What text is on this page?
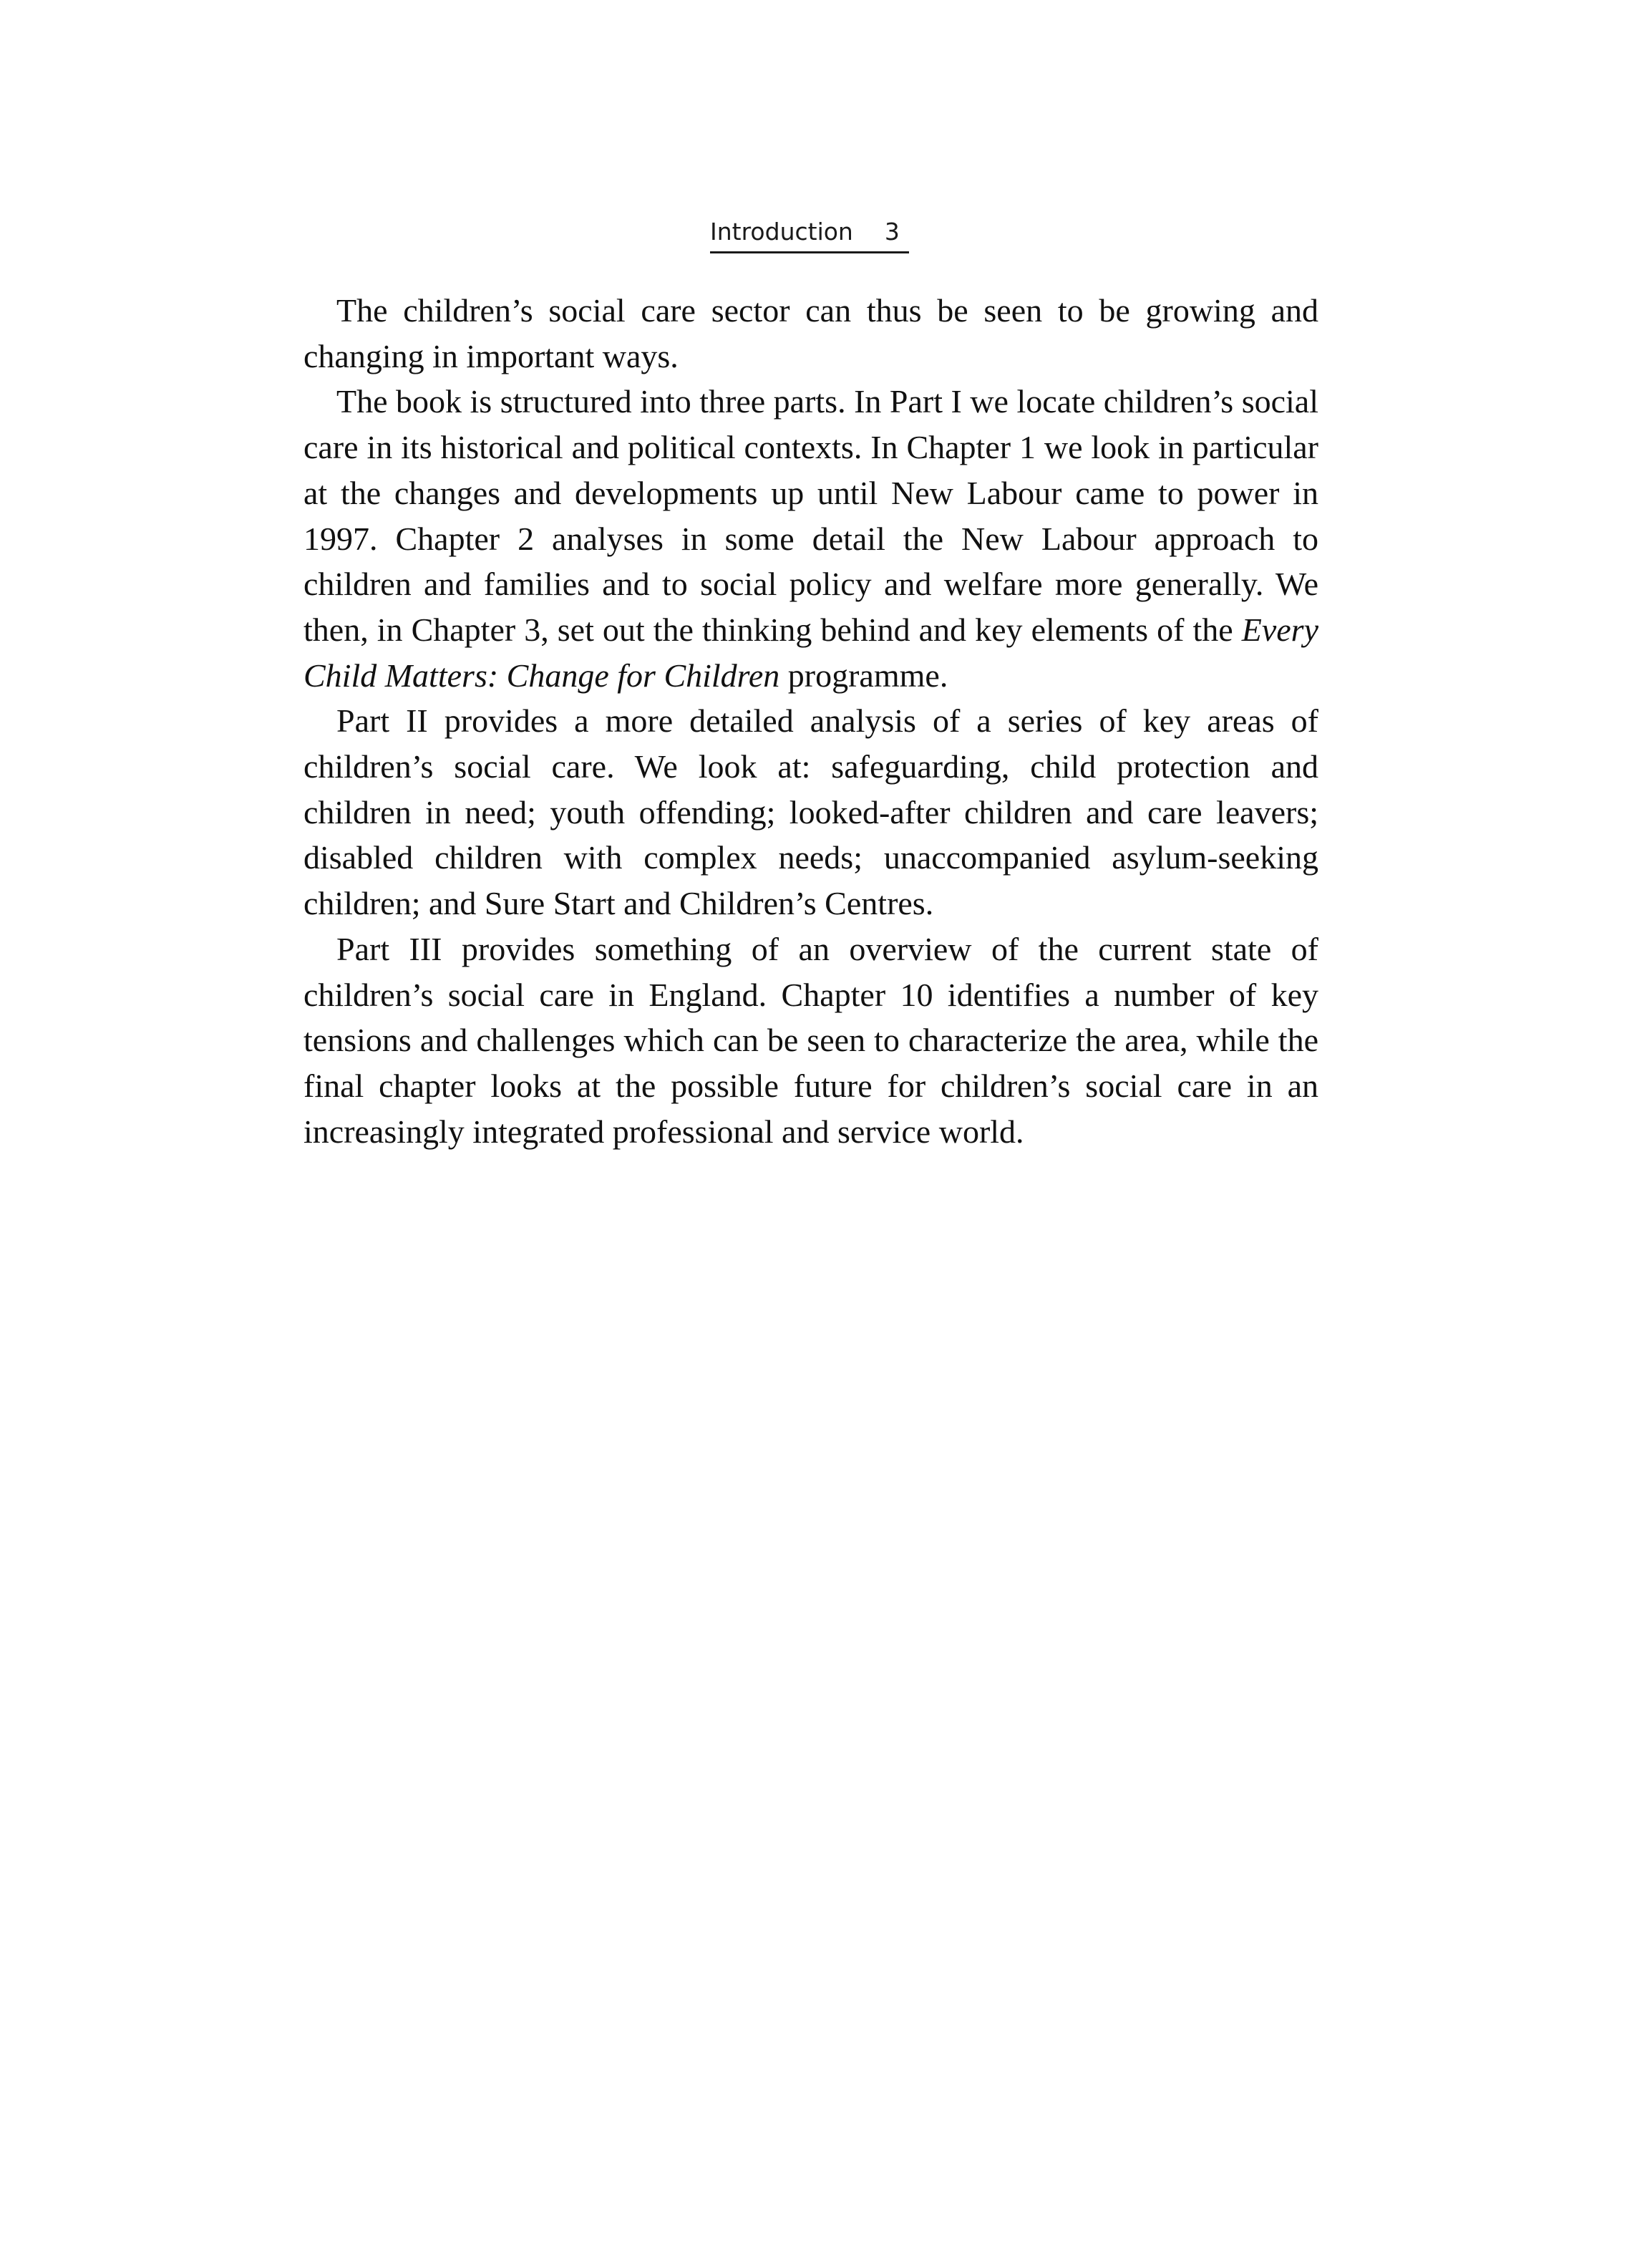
Introduction 3

The children’s social care sector can thus be seen to be growing and changing in important ways.

The book is structured into three parts. In Part I we locate children’s social care in its historical and political contexts. In Chapter 1 we look in particular at the changes and developments up until New Labour came to power in 1997. Chapter 2 analyses in some detail the New Labour approach to children and families and to social policy and welfare more generally. We then, in Chapter 3, set out the thinking behind and key elements of the Every Child Matters: Change for Children programme.

Part II provides a more detailed analysis of a series of key areas of children’s social care. We look at: safeguarding, child protection and children in need; youth offending; looked-after children and care leavers; disabled children with complex needs; unaccompanied asylum-seeking children; and Sure Start and Children’s Centres.

Part III provides something of an overview of the current state of children’s social care in England. Chapter 10 identifies a number of key tensions and challenges which can be seen to characterize the area, while the final chapter looks at the possible future for children’s social care in an increasingly integrated professional and service world.
